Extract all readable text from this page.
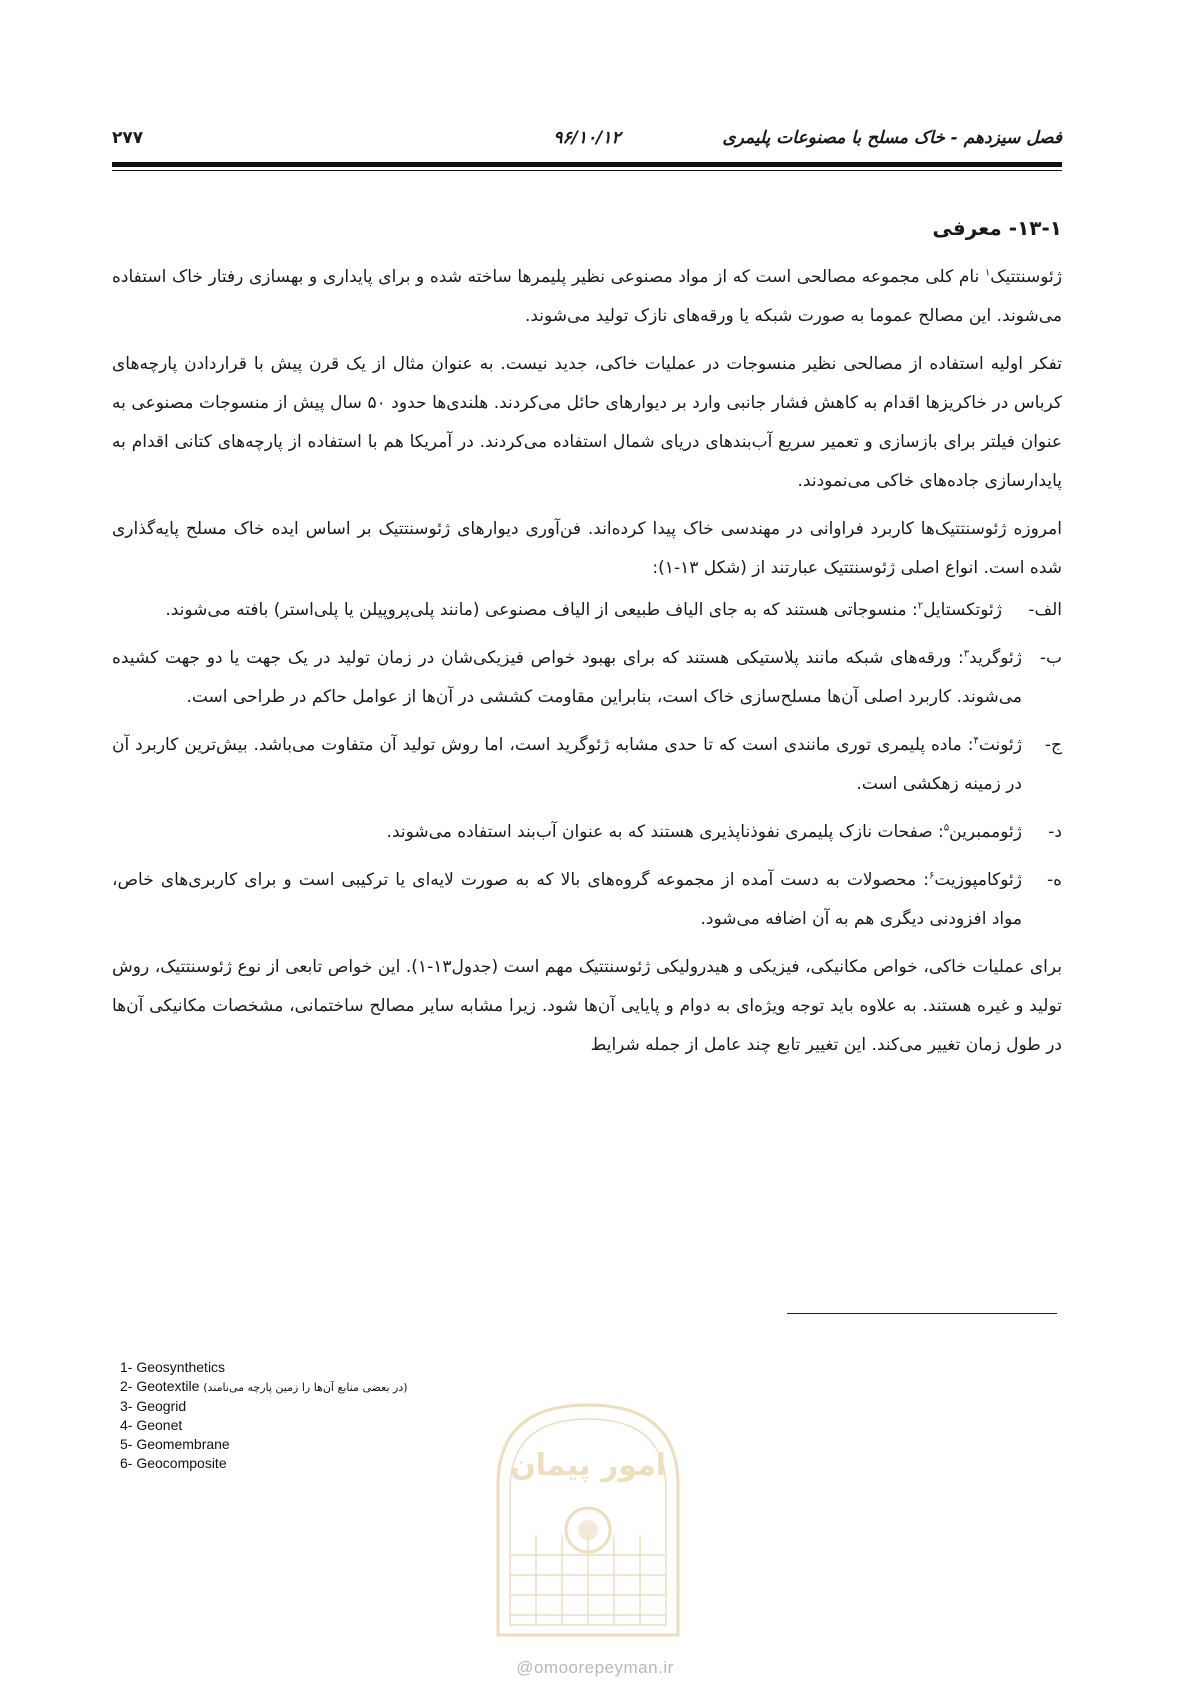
فصل سیزدهم - خاک مسلح با مصنوعات پلیمری
۹۶/۱۰/۱۲
۲۷۷
۱۳-۱- معرفی

ژئوسنتتیک$^۱$ نام کلی مجموعه مصالحی است که از مواد مصنوعی نظیر پلیمرها ساخته شده و برای پایداری و بهسازی رفتار خاک استفاده می‌شوند. این مصالح عموما به صورت شبکه یا ورقه‌های نازک تولید می‌شوند.

تفکر اولیه استفاده از مصالحی نظیر منسوجات در عملیات خاکی، جدید نیست. به عنوان مثال از یک قرن پیش با قراردادن پارچه‌های کرباس در خاکریزها اقدام به کاهش فشار جانبی وارد بر دیوارهای حائل می‌کردند. هلندی‌ها حدود ۵۰ سال پیش از منسوجات مصنوعی به عنوان فیلتر برای بازسازی و تعمیر سریع آب‌بندهای دریای شمال استفاده می‌کردند. در آمریکا هم با استفاده از پارچه‌های کتانی اقدام به پایدارسازی جاده‌های خاکی می‌نمودند.

امروزه ژئوسنتتیک‌ها کاربرد فراوانی در مهندسی خاک پیدا کرده‌اند. فن‌آوری دیوارهای ژئوسنتتیک بر اساس ایده خاک مسلح پایه‌گذاری شده است. انواع اصلی ژئوسنتتیک عبارتند از (شکل ۱۳-۱):

الف-
ژئوتکستایل$^۲$: منسوجاتی هستند که به جای الیاف طبیعی از الیاف مصنوعی (مانند پلی‌پروپیلن یا پلی‌استر) بافته می‌شوند.
ب-
ژئوگرید$^۳$: ورقه‌های شبکه مانند پلاستیکی هستند که برای بهبود خواص فیزیکی‌شان در زمان تولید در یک جهت یا دو جهت کشیده می‌شوند. کاربرد اصلی آن‌ها مسلح‌سازی خاک است، بنابراین مقاومت کششی در آن‌ها از عوامل حاکم در طراحی است.
ج-
ژئونت$^۴$: ماده پلیمری توری مانندی است که تا حدی مشابه ژئوگرید است، اما روش تولید آن متفاوت می‌باشد. بیش‌ترین کاربرد آن در زمینه زهکشی است.
د-
ژئوممبرین$^۵$: صفحات نازک پلیمری نفوذناپذیری هستند که به عنوان آب‌بند استفاده می‌شوند.
ه-
ژئوکامپوزیت$^۶$: محصولات به دست آمده از مجموعه گروه‌های بالا که به صورت لایه‌ای یا ترکیبی است و برای کاربری‌های خاص، مواد افزودنی دیگری هم به آن اضافه می‌شود.

برای عملیات خاکی، خواص مکانیکی، فیزیکی و هیدرولیکی ژئوسنتتیک مهم است (جدول۱۳-۱). این خواص تابعی از نوع ژئوسنتتیک، روش تولید و غیره هستند. به علاوه باید توجه ویژه‌ای به دوام و پایایی آن‌ها شود. زیرا مشابه سایر مصالح ساختمانی، مشخصات مکانیکی آن‌ها در طول زمان تغییر می‌کند. این تغییر تابع چند عامل از جمله شرایط

1- Geosynthetics
2- Geotextile (در بعضی منابع آن‌ها را زمین پارچه می‌نامند)
3- Geogrid
4- Geonet
5- Geomembrane
6- Geocomposite	امور پیمان
@omoorepeyman.ir
